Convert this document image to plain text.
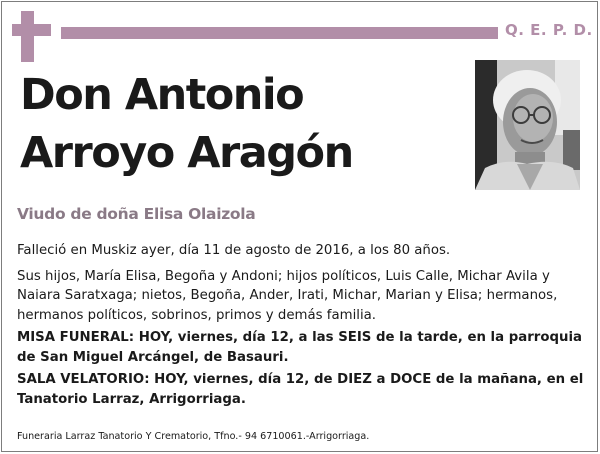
Q. E. P. D.
Don Antonio
Arroyo Aragón
Viudo de doña Elisa Olaizola

Falleció en Muskiz ayer, día 11 de agosto de 2016, a los 80 años.

Sus hijos, María Elisa, Begoña y Andoni; hijos políticos, Luis Calle, Michar Avila y Naiara Saratxaga; nietos, Begoña, Ander, Irati, Michar, Marian y Elisa; hermanos, hermanos políticos, sobrinos, primos y demás familia.

MISA FUNERAL: HOY, viernes, día 12, a las SEIS de la tarde, en la parroquia de San Miguel Arcángel, de Basauri.

SALA VELATORIO: HOY, viernes, día 12, de DIEZ a DOCE de la mañana, en el Tanatorio Larraz, Arrigorriaga.

Funeraria Larraz Tanatorio Y Crematorio, Tfno.- 94 6710061.-Arrigorriaga.
